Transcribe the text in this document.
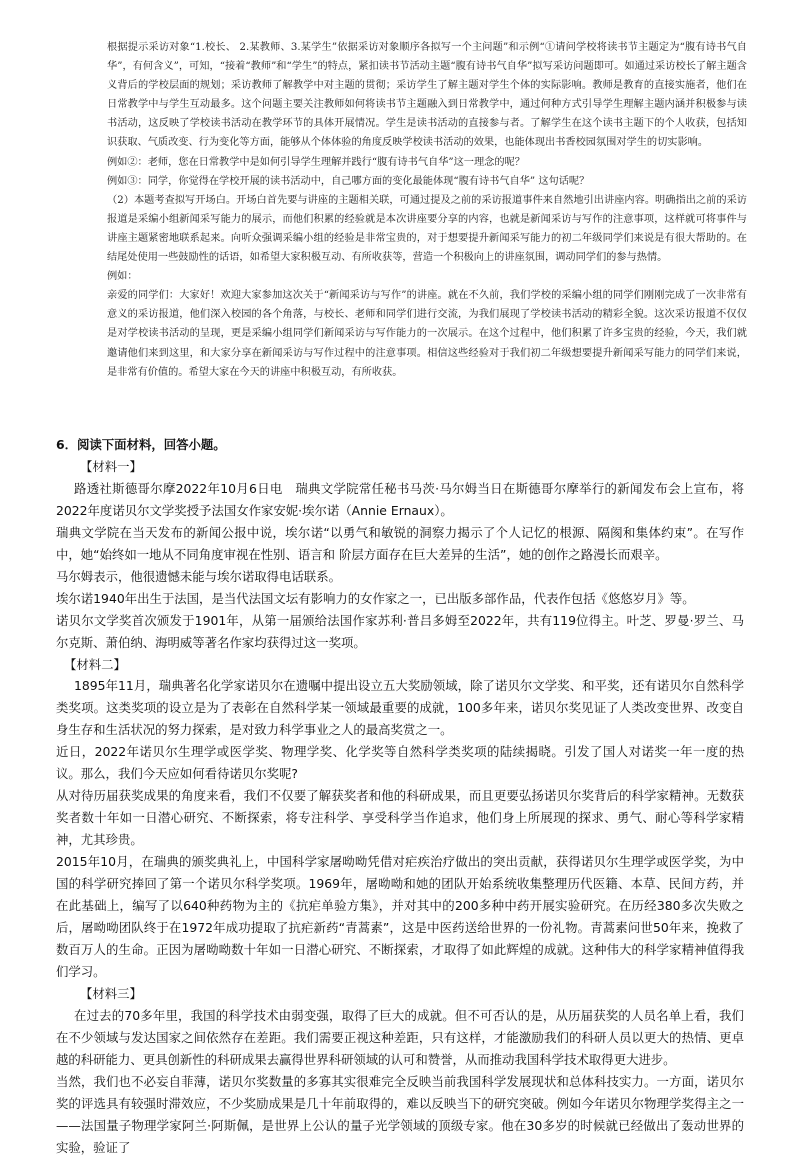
根据提示采访对象“1.校长、 2.某教师、3.某学生”依据采访对象顺序各拟写一个主问题”和示例“①请问学校将读书节主题定为“腹有诗书气自华”，有何含义”，可知，“接着“教师”和“学生”的特点，紧扣读书节活动主题“腹有诗书气自华”拟写采访问题即可。如通过采访校长了解主题含义背后的学校层面的规划；采访教师了解教学中对主题的贯彻；采访学生了解主题对学生个体的实际影响。教师是教育的直接实施者，他们在日常教学中与学生互动最多。这个问题主要关注教师如何将读书节主题融入到日常教学中，通过何种方式引导学生理解主题内涵并积极参与读书活动，这反映了学校读书活动在教学环节的具体开展情况。学生是读书活动的直接参与者。了解学生在这个读书主题下的个人收获，包括知识获取、气质改变、行为变化等方面，能够从个体体验的角度反映学校读书活动的效果，也能体现出书香校园氛围对学生的切实影响。

例如②：老师，您在日常教学中是如何引导学生理解并践行“腹有诗书气自华”这一理念的呢？

例如③：同学，你觉得在学校开展的读书活动中，自己哪方面的变化最能体现“腹有诗书气自华” 这句话呢？

（2）本题考查拟写开场白。开场白首先要与讲座的主题相关联，可通过提及之前的采访报道事件来自然地引出讲座内容。明确指出之前的采访报道是采编小组新闻采写能力的展示，而他们积累的经验就是本次讲座要分享的内容，也就是新闻采访与写作的注意事项，这样就可将事件与讲座主题紧密地联系起来。向听众强调采编小组的经验是非常宝贵的，对于想要提升新闻采写能力的初二年级同学们来说是有很大帮助的。在结尾处使用一些鼓励性的话语，如希望大家积极互动、有所收获等，营造一个积极向上的讲座氛围，调动同学们的参与热情。

例如：

亲爱的同学们：大家好！欢迎大家参加这次关于“新闻采访与写作”的讲座。就在不久前，我们学校的采编小组的同学们刚刚完成了一次非常有意义的采访报道，他们深入校园的各个角落，与校长、老师和同学们进行交流，为我们展现了学校读书活动的精彩全貌。这次采访报道不仅仅是对学校读书活动的呈现，更是采编小组同学们新闻采访与写作能力的一次展示。在这个过程中，他们积累了许多宝贵的经验，今天，我们就邀请他们来到这里，和大家分享在新闻采访与写作过程中的注意事项。相信这些经验对于我们初二年级想要提升新闻采写能力的同学们来说，是非常有价值的。希望大家在今天的讲座中积极互动，有所收获。

6．阅读下面材料，回答小题。

【材料一】

路透社斯德哥尔摩2022年10月6日电　瑞典文学院常任秘书马茨·马尔姆当日在斯德哥尔摩举行的新闻发布会上宣布，将2022年度诺贝尔文学奖授予法国女作家安妮·埃尔诺（Annie Ernaux）。

瑞典文学院在当天发布的新闻公报中说，埃尔诺“以勇气和敏锐的洞察力揭示了个人记忆的根源、隔阂和集体约束”。在写作中，她“始终如一地从不同角度审视在性别、语言和 阶层方面存在巨大差异的生活”，她的创作之路漫长而艰辛。

马尔姆表示，他很遗憾未能与埃尔诺取得电话联系。

埃尔诺1940年出生于法国，是当代法国文坛有影响力的女作家之一，已出版多部作品，代表作包括《悠悠岁月》等。

诺贝尔文学奖首次颁发于1901年，从第一届颁给法国作家苏利·普吕多姆至2022年，共有119位得主。叶芝、罗曼·罗兰、马尔克斯、萧伯纳、海明威等著名作家均获得过这一奖项。

【材料二】

1895年11月，瑞典著名化学家诺贝尔在遗嘱中提出设立五大奖励领域，除了诺贝尔文学奖、和平奖，还有诺贝尔自然科学类奖项。这类奖项的设立是为了表彰在自然科学某一领域最重要的成就，100多年来，诺贝尔奖见证了人类改变世界、改变自身生存和生活状况的努力探索，是对致力科学事业之人的最高奖赏之一。

近日，2022年诺贝尔生理学或医学奖、物理学奖、化学奖等自然科学类奖项的陆续揭晓。引发了国人对诺奖一年一度的热议。那么，我们今天应如何看待诺贝尔奖呢?

从对待历届获奖成果的角度来看，我们不仅要了解获奖者和他的科研成果，而且更要弘扬诺贝尔奖背后的科学家精神。无数获奖者数十年如一日潜心研究、不断探索，将专注科学、享受科学当作追求，他们身上所展现的探求、勇气、耐心等科学家精神，尤其珍贵。

2015年10月，在瑞典的颁奖典礼上，中国科学家屠呦呦凭借对疟疾治疗做出的突出贡献，获得诺贝尔生理学或医学奖，为中国的科学研究捧回了第一个诺贝尔科学奖项。1969年，屠呦呦和她的团队开始系统收集整理历代医籍、本草、民间方药，并在此基础上，编写了以640种药物为主的《抗疟单验方集》，并对其中的200多种中药开展实验研究。在历经380多次失败之后，屠呦呦团队终于在1972年成功提取了抗疟新药“青蒿素”，这是中医药送给世界的一份礼物。青蒿素问世50年来，挽救了数百万人的生命。正因为屠呦呦数十年如一日潜心研究、不断探索，才取得了如此辉煌的成就。这种伟大的科学家精神值得我们学习。

【材料三】

在过去的70多年里，我国的科学技术由弱变强，取得了巨大的成就。但不可否认的是，从历届获奖的人员名单上看，我们在不少领域与发达国家之间依然存在差距。我们需要正视这种差距，只有这样，才能激励我们的科研人员以更大的热情、更卓越的科研能力、更具创新性的科研成果去赢得世界科研领域的认可和赞誉，从而推动我国科学技术取得更大进步。

当然，我们也不必妄自菲薄，诺贝尔奖数量的多寡其实很难完全反映当前我国科学发展现状和总体科技实力。一方面，诺贝尔奖的评选具有较强时滞效应，不少奖励成果是几十年前取得的，难以反映当下的研究突破。例如今年诺贝尔物理学奖得主之一——法国量子物理学家阿兰·阿斯佩，是世界上公认的量子光学领域的顶级专家。他在30多岁的时候就已经做出了轰动世界的实验，验证了
